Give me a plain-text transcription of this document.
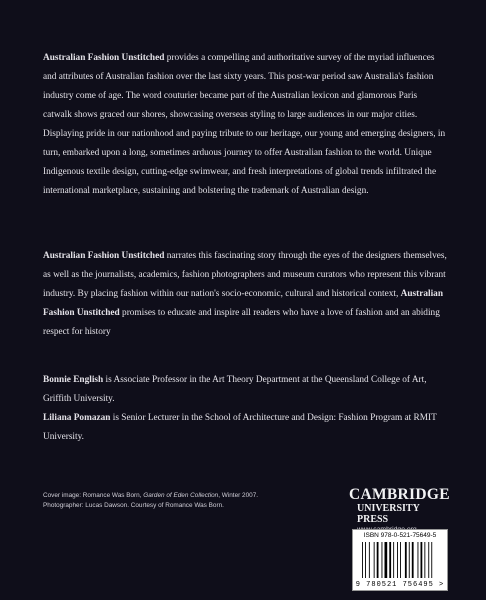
Australian Fashion Unstitched provides a compelling and authoritative survey of the myriad influences and attributes of Australian fashion over the last sixty years. This post-war period saw Australia's fashion industry come of age. The word couturier became part of the Australian lexicon and glamorous Paris catwalk shows graced our shores, showcasing overseas styling to large audiences in our major cities. Displaying pride in our nationhood and paying tribute to our heritage, our young and emerging designers, in turn, embarked upon a long, sometimes arduous journey to offer Australian fashion to the world. Unique Indigenous textile design, cutting-edge swimwear, and fresh interpretations of global trends infiltrated the international marketplace, sustaining and bolstering the trademark of Australian design.

Australian Fashion Unstitched narrates this fascinating story through the eyes of the designers themselves, as well as the journalists, academics, fashion photographers and museum curators who represent this vibrant industry. By placing fashion within our nation's socio-economic, cultural and historical context, Australian Fashion Unstitched promises to educate and inspire all readers who have a love of fashion and an abiding respect for history

Bonnie English is Associate Professor in the Art Theory Department at the Queensland College of Art, Griffith University.

Liliana Pomazan is Senior Lecturer in the School of Architecture and Design: Fashion Program at RMIT University.

Cover image: Romance Was Born, Garden of Eden Collection, Winter 2007. Photographer: Lucas Dawson. Courtesy of Romance Was Born.
CAMBRIDGE
UNIVERSITY PRESS
ISBN 978-0-521-75649-5
9 780521 756495 >
